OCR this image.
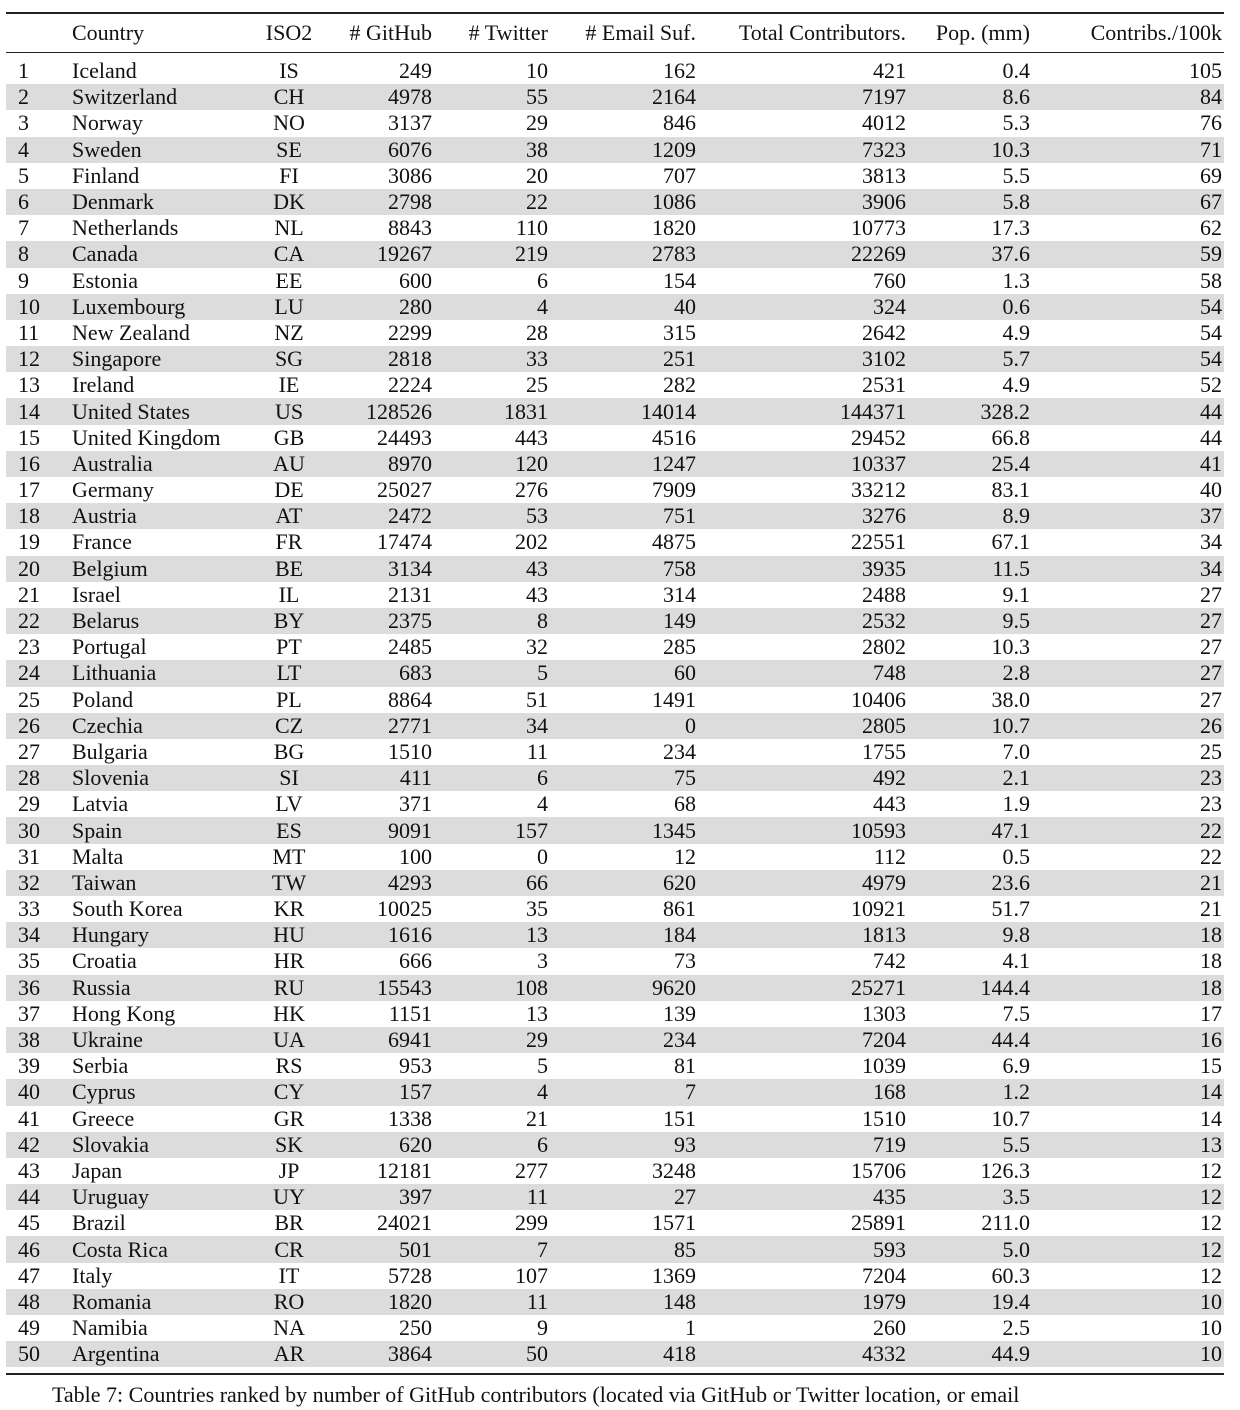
	Country	ISO2	# GitHub	# Twitter	# Email Suf.	Total Contributors.	Pop. (mm)	Contribs./100k

1	Iceland	IS	249	10	162	421	0.4	105
2	Switzerland	CH	4978	55	2164	7197	8.6	84
3	Norway	NO	3137	29	846	4012	5.3	76
4	Sweden	SE	6076	38	1209	7323	10.3	71
5	Finland	FI	3086	20	707	3813	5.5	69
6	Denmark	DK	2798	22	1086	3906	5.8	67
7	Netherlands	NL	8843	110	1820	10773	17.3	62
8	Canada	CA	19267	219	2783	22269	37.6	59
9	Estonia	EE	600	6	154	760	1.3	58
10	Luxembourg	LU	280	4	40	324	0.6	54
11	New Zealand	NZ	2299	28	315	2642	4.9	54
12	Singapore	SG	2818	33	251	3102	5.7	54
13	Ireland	IE	2224	25	282	2531	4.9	52
14	United States	US	128526	1831	14014	144371	328.2	44
15	United Kingdom	GB	24493	443	4516	29452	66.8	44
16	Australia	AU	8970	120	1247	10337	25.4	41
17	Germany	DE	25027	276	7909	33212	83.1	40
18	Austria	AT	2472	53	751	3276	8.9	37
19	France	FR	17474	202	4875	22551	67.1	34
20	Belgium	BE	3134	43	758	3935	11.5	34
21	Israel	IL	2131	43	314	2488	9.1	27
22	Belarus	BY	2375	8	149	2532	9.5	27
23	Portugal	PT	2485	32	285	2802	10.3	27
24	Lithuania	LT	683	5	60	748	2.8	27
25	Poland	PL	8864	51	1491	10406	38.0	27
26	Czechia	CZ	2771	34	0	2805	10.7	26
27	Bulgaria	BG	1510	11	234	1755	7.0	25
28	Slovenia	SI	411	6	75	492	2.1	23
29	Latvia	LV	371	4	68	443	1.9	23
30	Spain	ES	9091	157	1345	10593	47.1	22
31	Malta	MT	100	0	12	112	0.5	22
32	Taiwan	TW	4293	66	620	4979	23.6	21
33	South Korea	KR	10025	35	861	10921	51.7	21
34	Hungary	HU	1616	13	184	1813	9.8	18
35	Croatia	HR	666	3	73	742	4.1	18
36	Russia	RU	15543	108	9620	25271	144.4	18
37	Hong Kong	HK	1151	13	139	1303	7.5	17
38	Ukraine	UA	6941	29	234	7204	44.4	16
39	Serbia	RS	953	5	81	1039	6.9	15
40	Cyprus	CY	157	4	7	168	1.2	14
41	Greece	GR	1338	21	151	1510	10.7	14
42	Slovakia	SK	620	6	93	719	5.5	13
43	Japan	JP	12181	277	3248	15706	126.3	12
44	Uruguay	UY	397	11	27	435	3.5	12
45	Brazil	BR	24021	299	1571	25891	211.0	12
46	Costa Rica	CR	501	7	85	593	5.0	12
47	Italy	IT	5728	107	1369	7204	60.3	12
48	Romania	RO	1820	11	148	1979	19.4	10
49	Namibia	NA	250	9	1	260	2.5	10
50	Argentina	AR	3864	50	418	4332	44.9	10
Table 7: Countries ranked by number of GitHub contributors (located via GitHub or Twitter location, or email
